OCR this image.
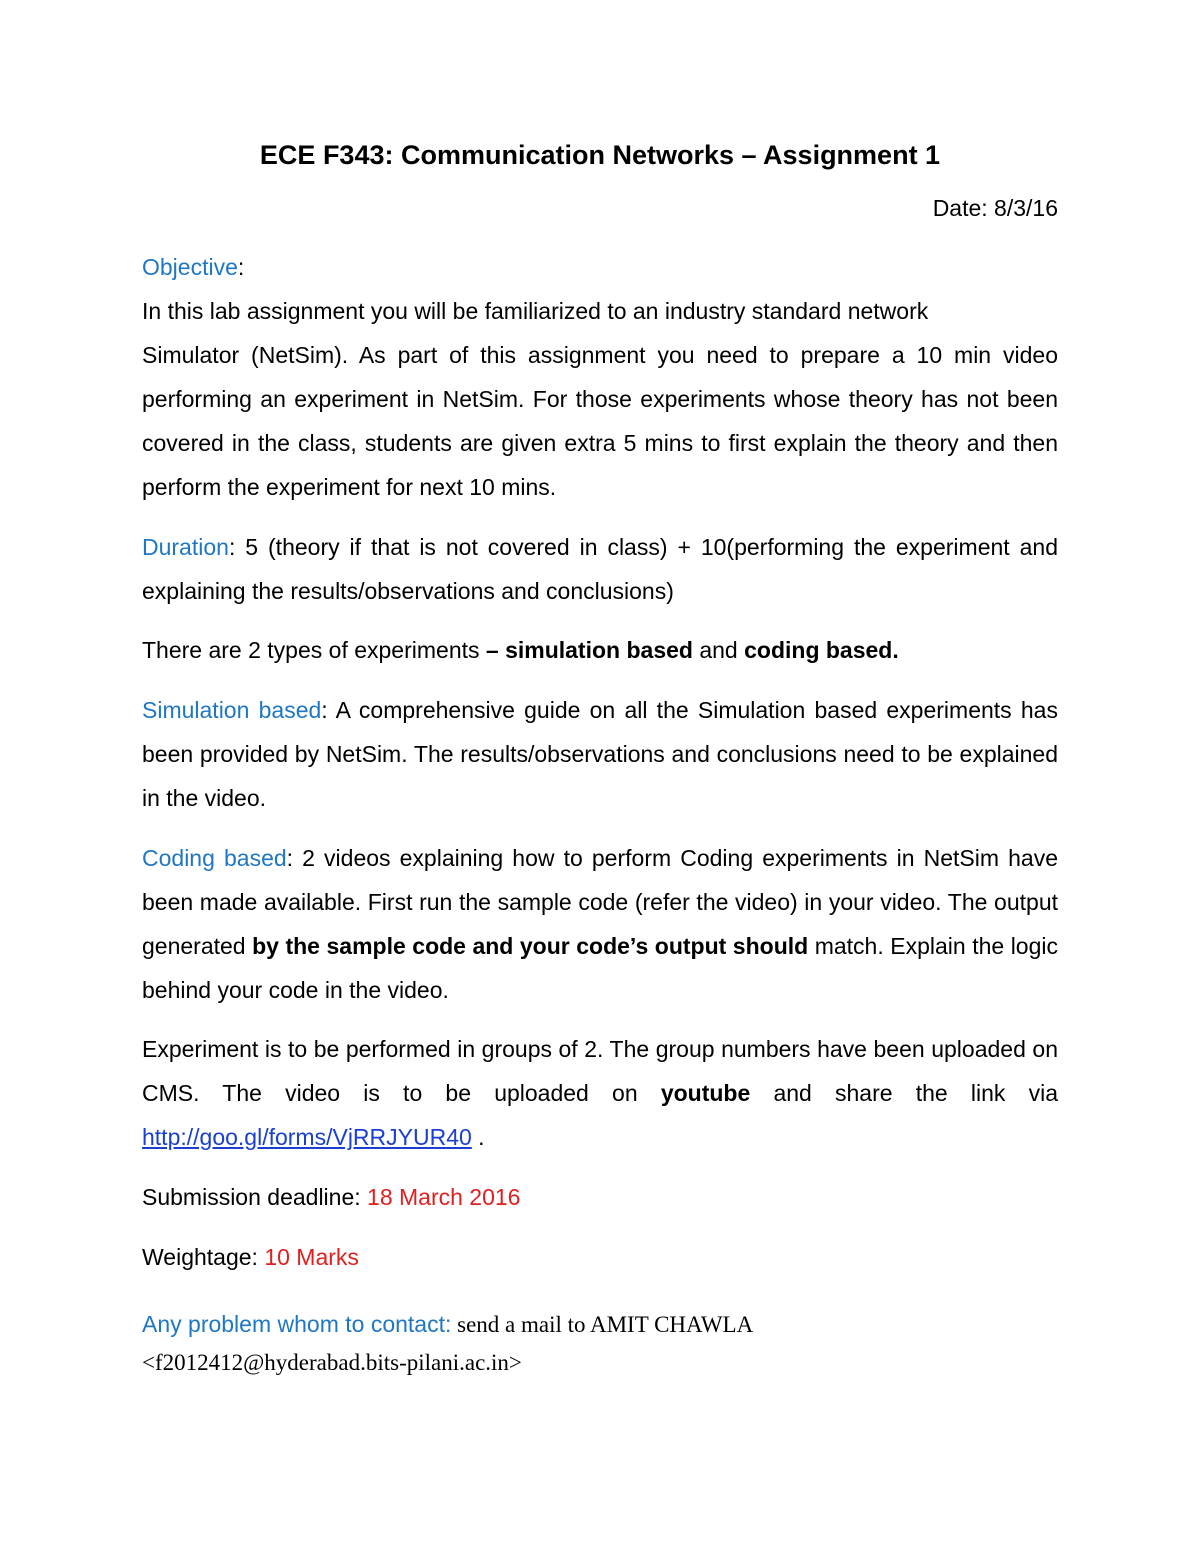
ECE F343: Communication Networks – Assignment 1
Date: 8/3/16
Objective:
In this lab assignment you will be familiarized to an industry standard network
Simulator (NetSim). As part of this assignment you need to prepare a 10 min video performing an experiment in NetSim. For those experiments whose theory has not been covered in the class, students are given extra 5 mins to first explain the theory and then perform the experiment for next 10 mins.

Duration: 5 (theory if that is not covered in class) + 10(performing the experiment and explaining the results/observations and conclusions)

There are 2 types of experiments – simulation based and coding based.

Simulation based: A comprehensive guide on all the Simulation based experiments has been provided by NetSim. The results/observations and conclusions need to be explained in the video.

Coding based: 2 videos explaining how to perform Coding experiments in NetSim have been made available. First run the sample code (refer the video) in your video. The output generated by the sample code and your code’s output should match. Explain the logic behind your code in the video.

Experiment is to be performed in groups of 2. The group numbers have been uploaded on CMS. The video is to be uploaded on youtube and share the link via http://goo.gl/forms/VjRRJYUR40 .

Submission deadline: 18 March 2016

Weightage: 10 Marks

Any problem whom to contact: send a mail to AMIT CHAWLA
<f2012412@hyderabad.bits-pilani.ac.in>
